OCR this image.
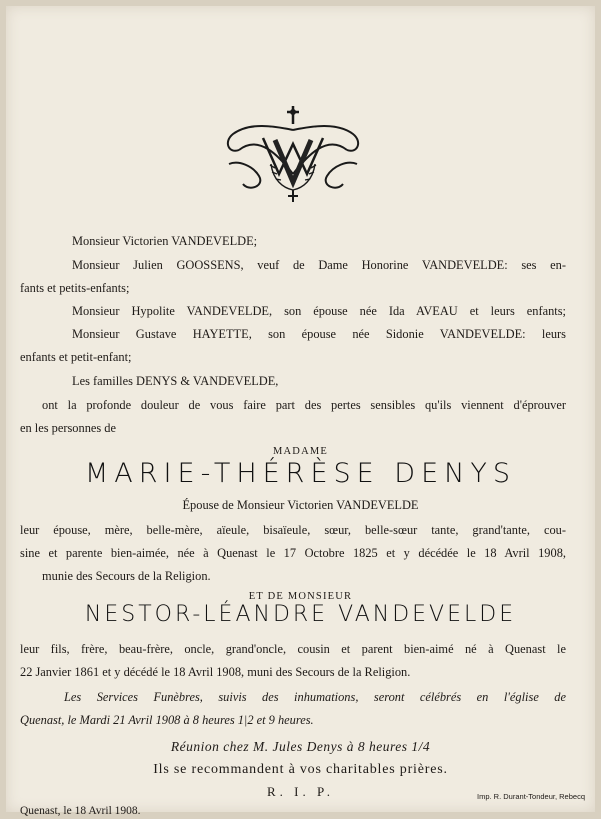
Monsieur Victorien VANDEVELDE;
Monsieur Julien GOOSSENS, veuf de Dame Honorine VANDEVELDE: ses en-
fants et petits-enfants;
Monsieur Hypolite VANDEVELDE, son épouse née Ida AVEAU et leurs enfants;
Monsieur Gustave HAYETTE, son épouse née Sidonie VANDEVELDE: leurs
enfants et petit-enfant;
Les familles DENYS & VANDEVELDE,
ont la profonde douleur de vous faire part des pertes sensibles qu'ils viennent d'éprouver
en les personnes de
MADAME
MARIE-THÉRÈSE DENYS
Épouse de Monsieur Victorien VANDEVELDE
leur épouse, mère, belle-mère, aïeule, bisaïeule, sœur, belle-sœur tante, grand'tante, cou-
sine et parente bien-aimée, née à Quenast le 17 Octobre 1825 et y décédée le 18 Avril 1908,
munie des Secours de la Religion.
ET DE MONSIEUR
NESTOR-LÉANDRE VANDEVELDE
leur fils, frère, beau-frère, oncle, grand'oncle, cousin et parent bien-aimé né à Quenast le
22 Janvier 1861 et y décédé le 18 Avril 1908, muni des Secours de la Religion.
Les Services Funèbres, suivis des inhumations, seront célébrés en l'église de
Quenast, le Mardi 21 Avril 1908 à 8 heures 1|2 et 9 heures.
Réunion chez M. Jules Denys à 8 heures 1/4
Ils se recommandent à vos charitables prières.
R. I. P.
Quenast, le 18 Avril 1908.
Imp. R. Durant-Tondeur, Rebecq
